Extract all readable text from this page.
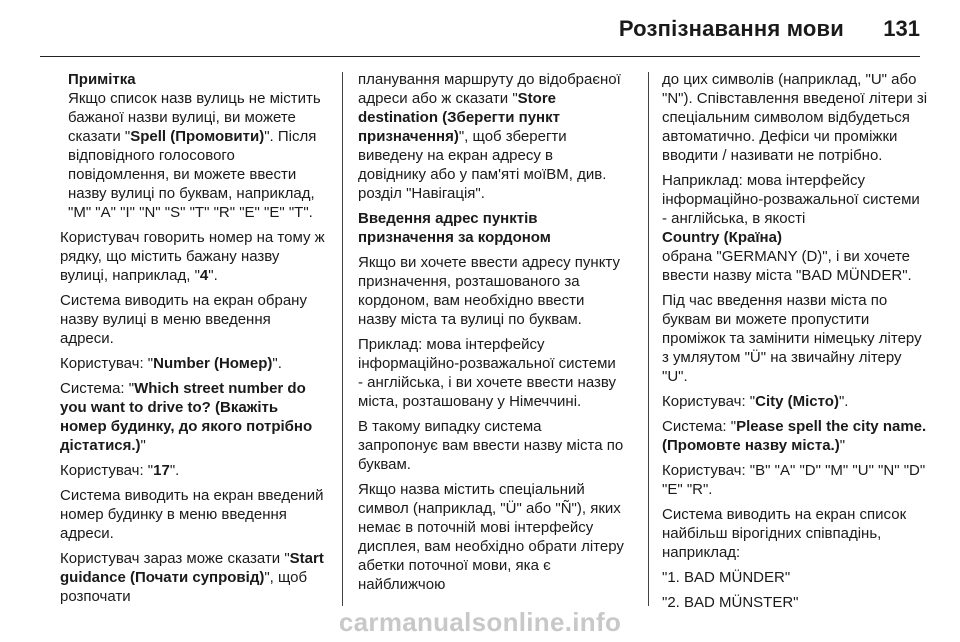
Розпізнавання мови 131
Примітка
Якщо список назв вулиць не містить бажаної назви вулиці, ви можете сказати "Spell (Промовити)". Після відповідного голосового повідомлення, ви можете ввести назву вулиці по буквам, наприклад, "M" "A" "I" "N" "S" "T" "R" "E" "E" "T".

Користувач говорить номер на тому ж рядку, що містить бажану назву вулиці, наприклад, "4".

Система виводить на екран обрану назву вулиці в меню введення адреси.

Користувач: "Number (Номер)".

Система: "Which street number do you want to drive to? (Вкажіть номер будинку, до якого потрібно дістатися.)"

Користувач: "17".

Система виводить на екран введений номер будинку в меню введення адреси.

Користувач зараз може сказати "Start guidance (Почати супровід)", щоб розпочати

планування маршруту до відобраєної адреси або ж сказати "Store destination (Зберегти пункт призначення)", щоб зберегти виведену на екран адресу в довіднику або у пам'яті моїВМ, див. розділ "Навігація".

Введення адрес пунктів призначення за кордоном

Якщо ви хочете ввести адресу пункту призначення, розташованого за кордоном, вам необхідно ввести назву міста та вулиці по буквам.

Приклад: мова інтерфейсу інформаційно-розважальної системи - англійська, і ви хочете ввести назву міста, розташовану у Німеччині.

В такому випадку система запропонує вам ввести назву міста по буквам.

Якщо назва містить спеціальний символ (наприклад, "Ü" або "Ñ"), яких немає в поточній мові інтерфейсу дисплея, вам необхідно обрати літеру абетки поточної мови, яка є найближчою

до цих символів (наприклад, "U" або "N"). Співставлення введеної літери зі спеціальним символом відбудеться автоматично. Дефіси чи проміжки вводити / називати не потрібно.

Наприклад: мова інтерфейсу інформаційно-розважальної системи - англійська, в якості
Country (Країна)
обрана "GERMANY (D)", і ви хочете ввести назву міста "BAD MÜNDER".

Під час введення назви міста по буквам ви можете пропустити проміжок та замінити німецьку літеру з умляутом "Ü" на звичайну літеру "U".

Користувач: "City (Місто)".

Система: "Please spell the city name. (Промовте назву міста.)"

Користувач: "B" "A" "D" "M" "U" "N" "D" "E" "R".

Система виводить на екран список найбільш вірогідних співпадінь, наприклад:

"1. BAD MÜNDER"

"2. BAD MÜNSTER"

carmanualsonline.info
